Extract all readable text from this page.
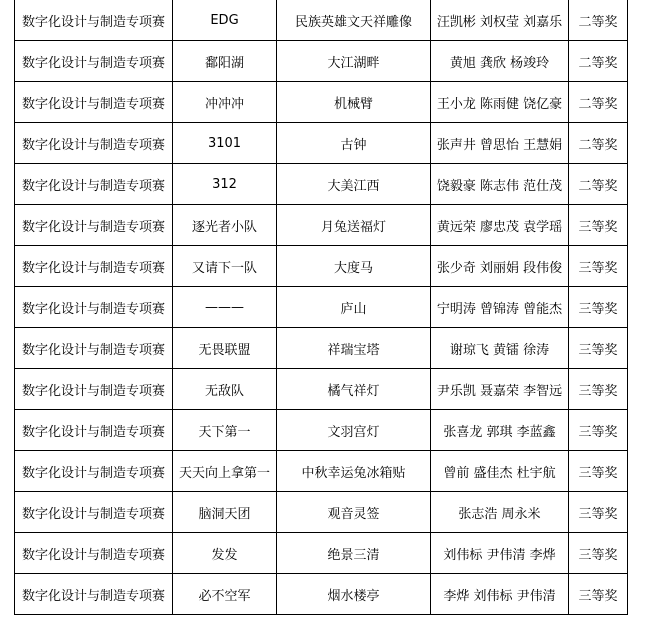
数字化设计与制造专项赛	EDG	民族英雄文天祥雕像	汪凯彬 刘权莹 刘嘉乐	二等奖
数字化设计与制造专项赛	鄱阳湖	大江湖畔	黄旭 龚欣 杨竣玲	二等奖
数字化设计与制造专项赛	冲冲冲	机械臂	王小龙 陈雨健 饶亿豪	二等奖
数字化设计与制造专项赛	3101	古钟	张声井 曾思怡 王慧娟	二等奖
数字化设计与制造专项赛	312	大美江西	饶毅豪 陈志伟 范仕茂	二等奖
数字化设计与制造专项赛	逐光者小队	月兔送福灯	黄远荣 廖忠茂 袁学瑶	三等奖
数字化设计与制造专项赛	又请下一队	大度马	张少奇 刘丽娟 段伟俊	三等奖
数字化设计与制造专项赛	———	庐山	宁明涛 曾锦涛 曾能杰	三等奖
数字化设计与制造专项赛	无畏联盟	祥瑞宝塔	谢琼飞 黄镭 徐涛	三等奖
数字化设计与制造专项赛	无敌队	橘气祥灯	尹乐凯 聂嘉荣 李智远	三等奖
数字化设计与制造专项赛	天下第一	文羽宫灯	张喜龙 郭琪 李蓝鑫	三等奖
数字化设计与制造专项赛	天天向上拿第一	中秋幸运兔冰箱贴	曾前 盛佳杰 杜宇航	三等奖
数字化设计与制造专项赛	脑洞天团	观音灵签	张志浩 周永米	三等奖
数字化设计与制造专项赛	发发	绝景三清	刘伟标 尹伟清 李烨	三等奖
数字化设计与制造专项赛	必不空军	烟水楼亭	李烨 刘伟标 尹伟清	三等奖
